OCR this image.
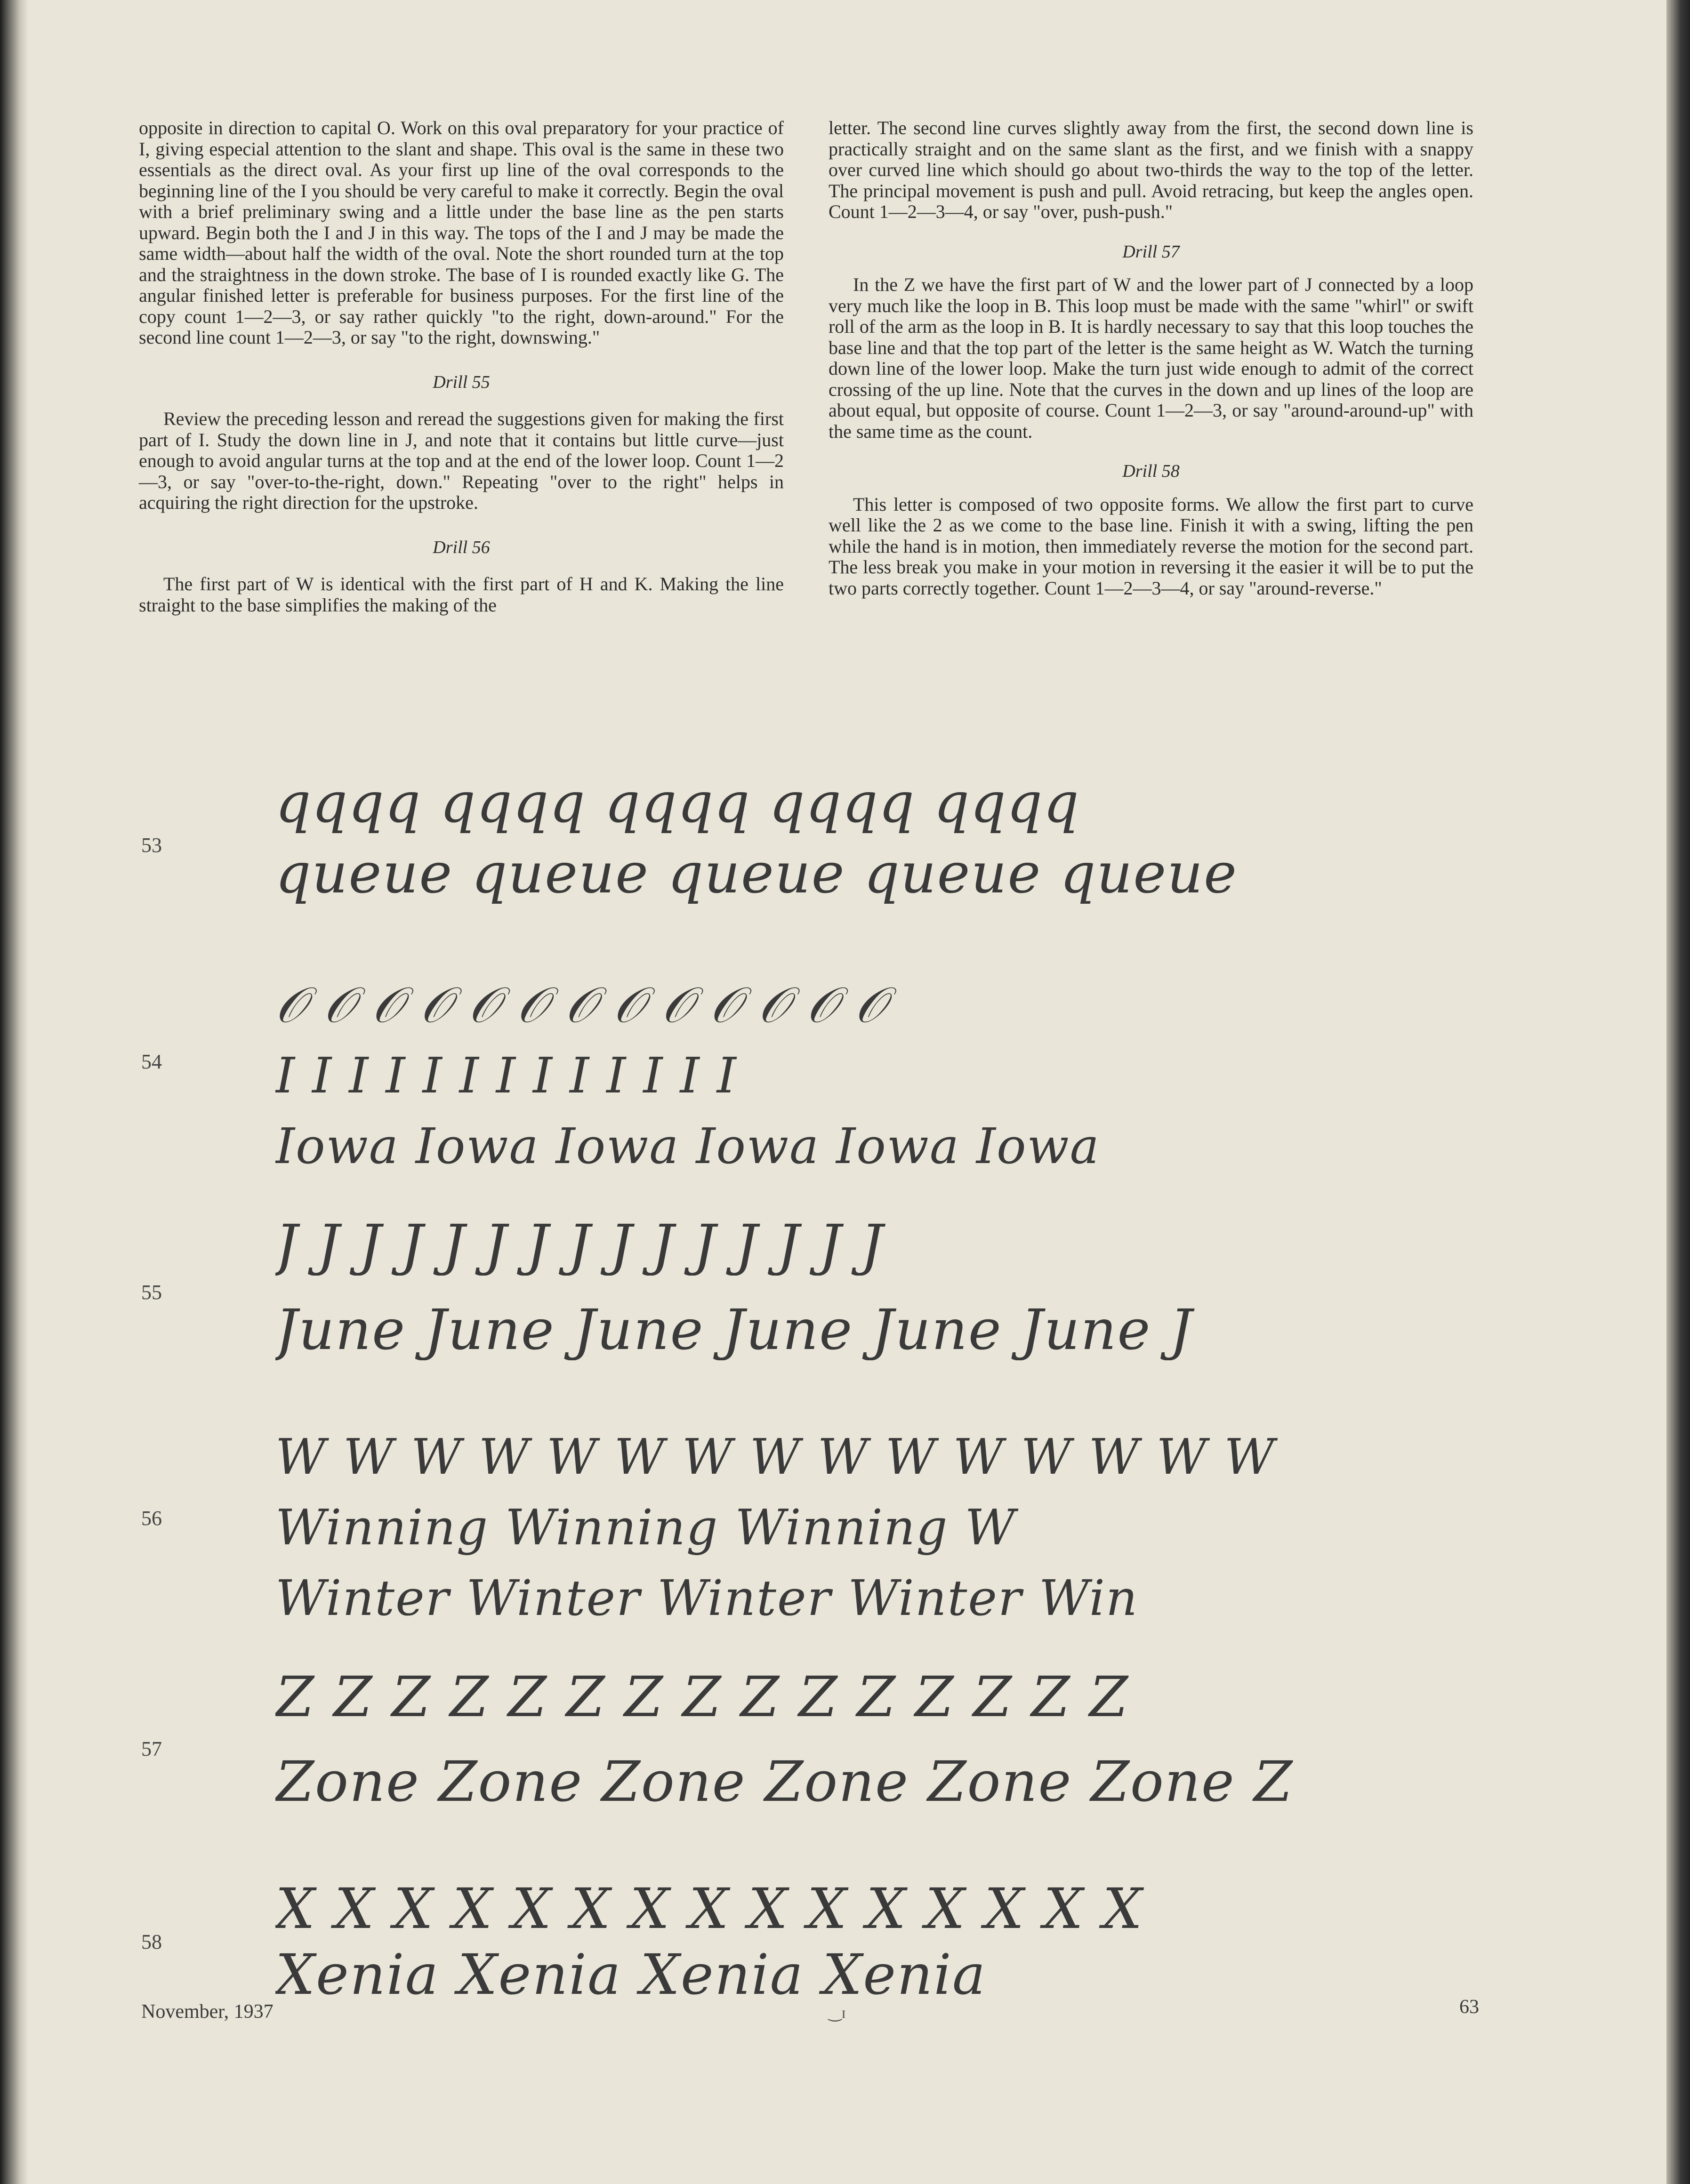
opposite in direction to capital O. Work on this oval preparatory for your practice of I, giving especial attention to the slant and shape. This oval is the same in these two essentials as the direct oval. As your first up line of the oval corresponds to the beginning line of the I you should be very careful to make it correctly. Begin the oval with a brief preliminary swing and a little under the base line as the pen starts upward. Begin both the I and J in this way. The tops of the I and J may be made the same width—about half the width of the oval. Note the short rounded turn at the top and the straightness in the down stroke. The base of I is rounded exactly like G. The angular finished letter is preferable for business purposes. For the first line of the copy count 1—2—3, or say rather quickly "to the right, down-around." For the second line count 1—2—3, or say "to the right, downswing."

Drill 55

Review the preceding lesson and reread the suggestions given for making the first part of I. Study the down line in J, and note that it contains but little curve—just enough to avoid angular turns at the top and at the end of the lower loop. Count 1—2—3, or say "over-to-the-right, down." Repeating "over to the right" helps in acquiring the right direction for the upstroke.

Drill 56

The first part of W is identical with the first part of H and K. Making the line straight to the base simplifies the making of the

letter. The second line curves slightly away from the first, the second down line is practically straight and on the same slant as the first, and we finish with a snappy over curved line which should go about two-thirds the way to the top of the letter. The principal movement is push and pull. Avoid retracing, but keep the angles open. Count 1—2—3—4, or say "over, push-push."

Drill 57

In the Z we have the first part of W and the lower part of J connected by a loop very much like the loop in B. This loop must be made with the same "whirl" or swift roll of the arm as the loop in B. It is hardly necessary to say that this loop touches the base line and that the top part of the letter is the same height as W. Watch the turning down line of the lower loop. Make the turn just wide enough to admit of the correct crossing of the up line. Note that the curves in the down and up lines of the loop are about equal, but opposite of course. Count 1—2—3, or say "around-around-up" with the same time as the count.

Drill 58

This letter is composed of two opposite forms. We allow the first part to curve well like the 2 as we come to the base line. Finish it with a swing, lifting the pen while the hand is in motion, then immediately reverse the motion for the second part. The less break you make in your motion in reversing it the easier it will be to put the two parts correctly together. Count 1—2—3—4, or say "around-reverse."

53
qqqq qqqq qqqq qqqq qqqq
queue queue queue queue queue
54
𝒪 𝒪 𝒪 𝒪 𝒪 𝒪 𝒪 𝒪 𝒪 𝒪 𝒪 𝒪 𝒪
I I I I I I I I I I I I I
Iowa Iowa Iowa Iowa Iowa Iowa
55
J J J J J J J J J J J J J J J
June June June June June June J
56
W W W W W W W W W W W W W W W
Winning Winning Winning W
Winter Winter Winter Winter Win
57
Z Z Z Z Z Z Z Z Z Z Z Z Z Z Z
Zone Zone Zone Zone Zone Zone Z
58
X X X X X X X X X X X X X X X
Xenia Xenia Xenia Xenia
November, 1937	‿ɪ	63
